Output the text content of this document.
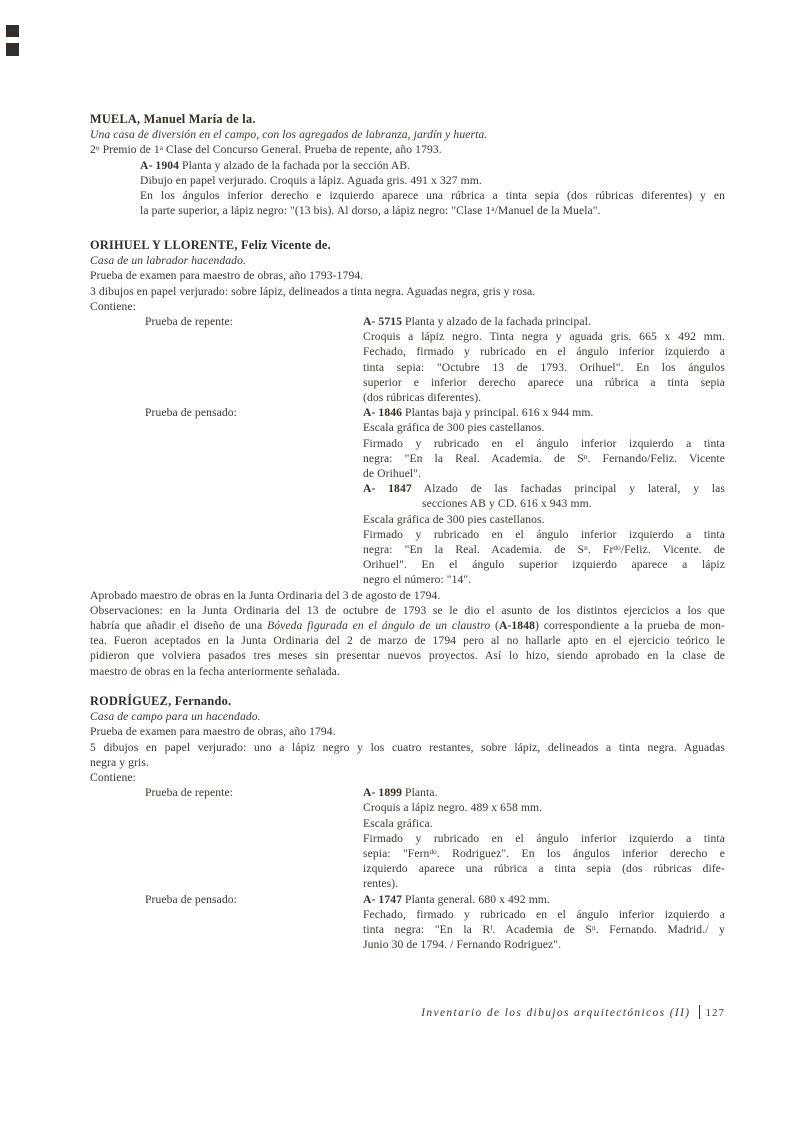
MUELA, Manuel María de la.
Una casa de diversión en el campo, con los agregados de labranza, jardín y huerta.
2$^o$ Premio de 1$^a$ Clase del Concurso General. Prueba de repente, año 1793.
A- 1904 Planta y alzado de la fachada por la sección AB.
Dibujo en papel verjurado. Croquis a lápiz. Aguada gris. 491 x 327 mm.
En los ángulos inferior derecho e izquierdo aparece una rúbrica a tinta sepia (dos rúbricas diferentes) y en
la parte superior, a lápiz negro: "(13 bis). Al dorso, a lápiz negro: "Clase 1$^a$/Manuel de la Muela".
ORIHUEL Y LLORENTE, Feliz Vicente de.
Casa de un labrador hacendado.
Prueba de examen para maestro de obras, año 1793-1794.
3 dibujos en papel verjurado: sobre lápiz, delineados a tinta negra. Aguadas negra, gris y rosa.
Contiene:
A- 5715 Planta y alzado de la fachada principal.
Prueba de repente:
Croquis a lápiz negro. Tinta negra y aguada gris. 665 x 492 mm.
Fechado, firmado y rubricado en el ángulo inferior izquierdo a
tinta sepia: "Octubre 13 de 1793. Orihuel". En los ángulos
superior e inferior derecho aparece una rúbrica a tinta sepia
(dos rúbricas diferentes).
A- 1846 Plantas baja y principal. 616 x 944 mm.
Prueba de pensado:
Escala gráfica de 300 pies castellanos.
Firmado y rubricado en el ángulo inferior izquierdo a tinta
negra: "En la Real. Academia. de $S^n$. Fernando/Feliz. Vicente
de Orihuel".
A- 1847 Alzado de las fachadas principal y lateral, y las
secciones AB y CD. 616 x 943 mm.
Escala gráfica de 300 pies castellanos.
Firmado y rubricado en el ángulo inferior izquierdo a tinta
negra: "En la Real. Academia. de $S^n$. $Fr^{do}$/Feliz. Vicente. de
Orihuel". En el ángulo superior izquierdo aparece a lápiz
negro el número: "14".
Aprobado maestro de obras en la Junta Ordinaria del 3 de agosto de 1794.
Observaciones: en la Junta Ordinaria del 13 de octubre de 1793 se le dio el asunto de los distintos ejercicios a los que
habría que añadir el diseño de una Bóveda figurada en el ángulo de un claustro (A-1848) correspondiente a la prueba de mon-
tea. Fueron aceptados en la Junta Ordinaria del 2 de marzo de 1794 pero al no hallarle apto en el ejercicio teórico le
pidieron que volviera pasados tres meses sin presentar nuevos proyectos. Así lo hizo, siendo aprobado en la clase de
maestro de obras en la fecha anteriormente señalada.
RODRÍGUEZ, Fernando.
Casa de campo para un hacendado.
Prueba de examen para maestro de obras, año 1794.
5 dibujos en papel verjurado: uno a lápiz negro y los cuatro restantes, sobre lápiz, delineados a tinta negra. Aguadas
negra y gris.
Contiene:
A- 1899 Planta.
Prueba de repente:
Croquis a lápiz negro. 489 x 658 mm.
Escala gráfica.
Firmado y rubricado en el ángulo inferior izquierdo a tinta
sepia: "Fern$^{do}$. Rodriguez". En los ángulos inferior derecho e
izquierdo aparece una rúbrica a tinta sepia (dos rúbricas dife-
rentes).
A- 1747 Planta general. 680 x 492 mm.
Prueba de pensado:
Fechado, firmado y rubricado en el ángulo inferior izquierdo a
tinta negra: "En la $R^l$. Academia de $S^n$. Fernando. Madrid./ y
Junio 30 de 1794. / Fernando Rodriguez".
Inventario de los dibujos arquitectónicos (II) 127
